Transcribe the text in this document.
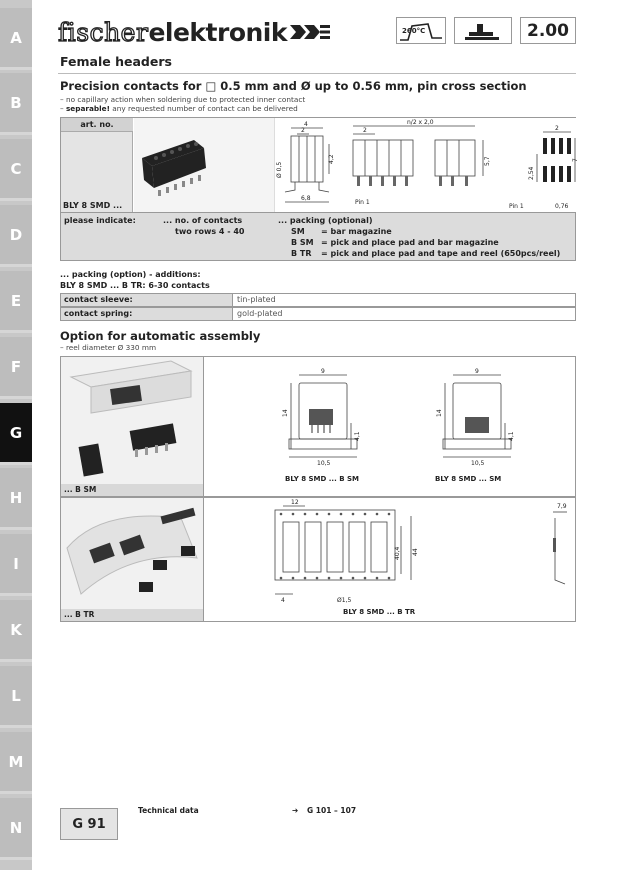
A
B
C
D
E
F
G
H
I
K
L
M
N
fischer elektronik	260°C	2.00
Female headers
Precision contacts for □ 0.5 mm and Ø up to 0.56 mm, pin cross section
– no capillary action when soldering due to protected inner contact
– separable! any requested number of contact can be delivered
art. no.
BLY 8 SMD ...
4
2
Ø 0,5
4,2
6,8
n/2 x 2,0
2
5,7
Pin 1
2
7
2,54
Pin 1	0,76
please indicate:	... no. of contacts
two rows 4 - 40
... packing (optional)
SM = bar magazine
B SM = pick and place pad and bar magazine
B TR = pick and place pad and tape and reel (650pcs/reel)
... packing (option) - additions:
BLY 8 SMD ... B TR: 6-30 contacts
contact sleeve:	tin-plated
contact spring:	gold-plated
Option for automatic assembly
– reel diameter Ø 330 mm
... B SM
9
14
4,1
10,5
BLY 8 SMD ... B SM
9
14
4,1
10,5
BLY 8 SMD ... SM
... B TR
12
40,4 44
4	Ø1,5
BLY 8 SMD ... B TR
7,9
G 91
Technical data	➔ G 101 – 107
